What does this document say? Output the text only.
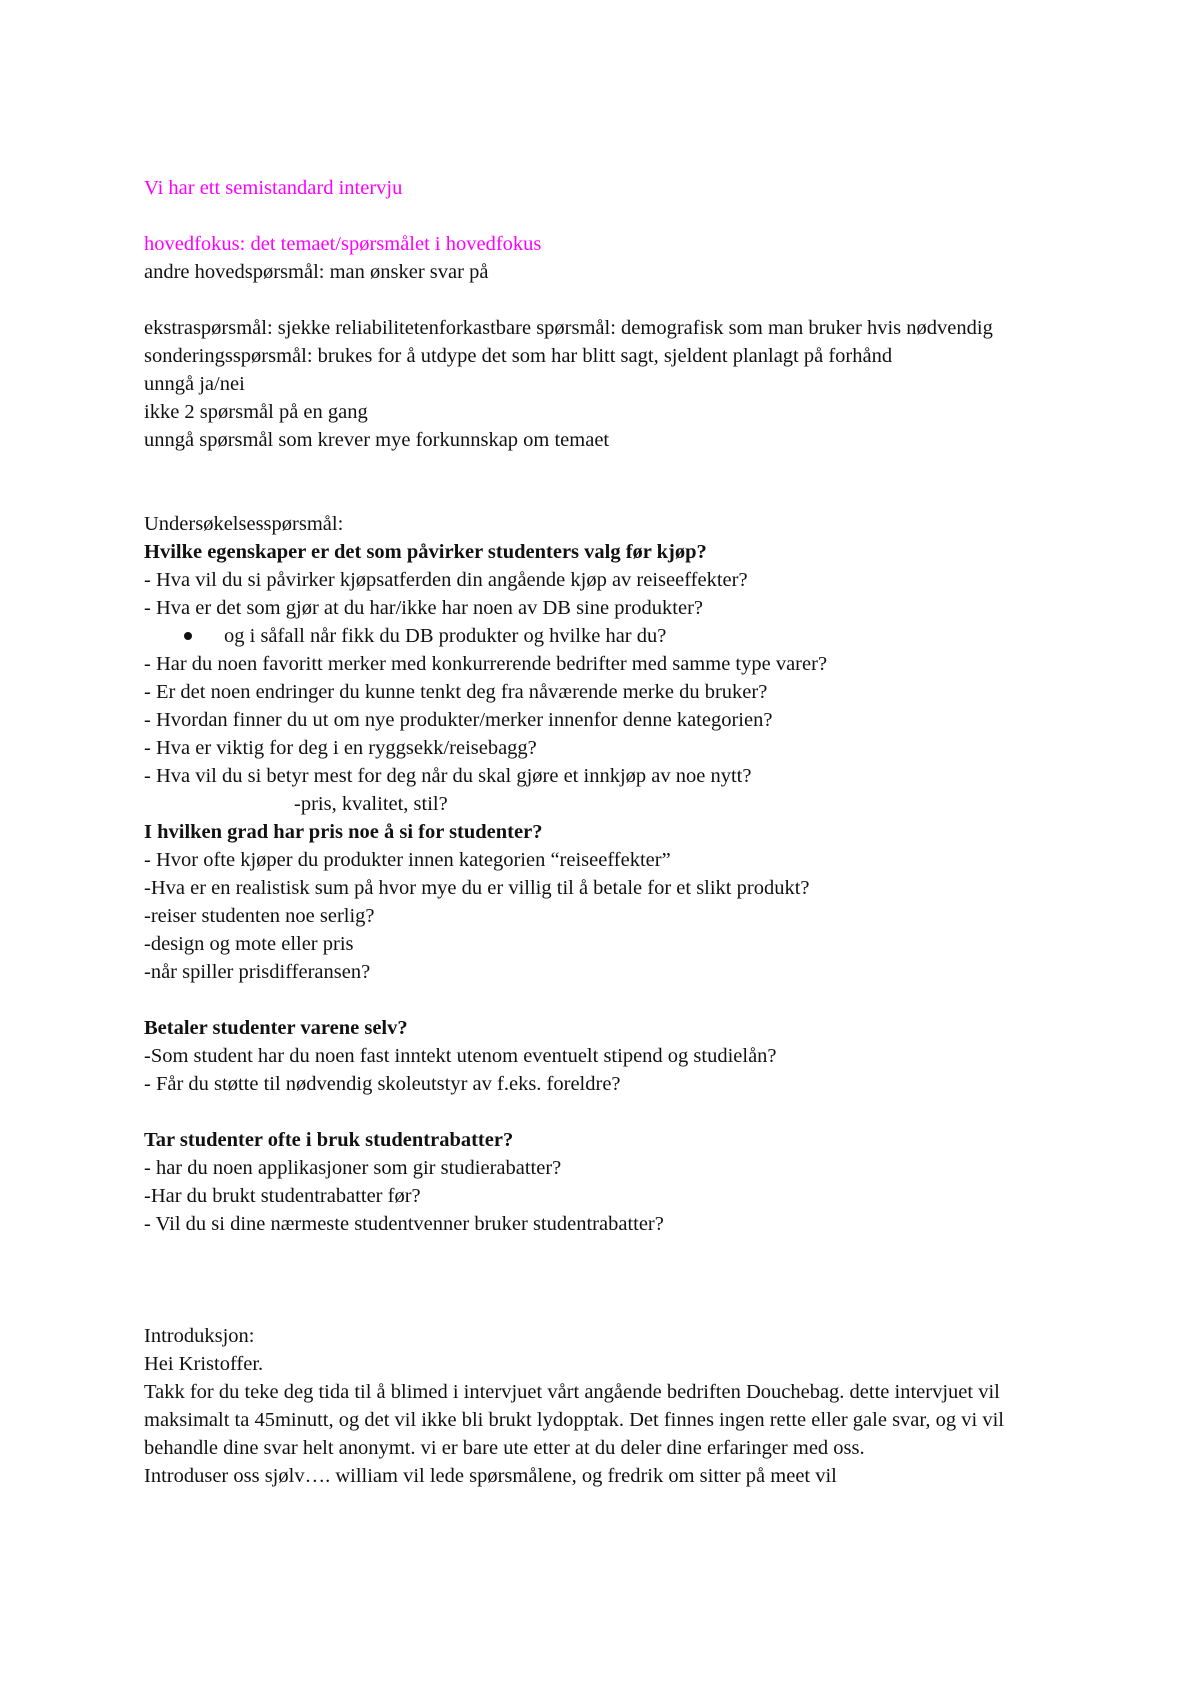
Vi har ett semistandard intervju
hovedfokus: det temaet/spørsmålet i hovedfokus
andre hovedspørsmål: man ønsker svar på
ekstraspørsmål: sjekke reliabilitetenforkastbare spørsmål: demografisk som man bruker hvis nødvendig
sonderingsspørsmål: brukes for å utdype det som har blitt sagt, sjeldent planlagt på forhånd
unngå ja/nei
ikke 2 spørsmål på en gang
unngå spørsmål som krever mye forkunnskap om temaet
Undersøkelsesspørsmål:
Hvilke egenskaper er det som påvirker studenters valg før kjøp?
- Hva vil du si påvirker kjøpsatferden din angående kjøp av reiseeffekter?
- Hva er det som gjør at du har/ikke har noen av DB sine produkter?
og i såfall når fikk du DB produkter og hvilke har du?
- Har du noen favoritt merker med konkurrerende bedrifter med samme type varer?
- Er det noen endringer du kunne tenkt deg fra nåværende merke du bruker?
- Hvordan finner du ut om nye produkter/merker innenfor denne kategorien?
- Hva er viktig for deg i en ryggsekk/reisebagg?
- Hva vil du si betyr mest for deg når du skal gjøre et innkjøp av noe nytt?
-pris, kvalitet, stil?
I hvilken grad har pris noe å si for studenter?
- Hvor ofte kjøper du produkter innen kategorien “reiseeffekter”
-Hva er en realistisk sum på hvor mye du er villig til å betale for et slikt produkt?
-reiser studenten noe serlig?
-design og mote eller pris
-når spiller prisdifferansen?
Betaler studenter varene selv?
-Som student har du noen fast inntekt utenom eventuelt stipend og studielån?
- Får du støtte til nødvendig skoleutstyr av f.eks. foreldre?
Tar studenter ofte i bruk studentrabatter?
- har du noen applikasjoner som gir studierabatter?
-Har du brukt studentrabatter før?
- Vil du si dine nærmeste studentvenner bruker studentrabatter?
Introduksjon:
Hei Kristoffer.
Takk for du teke deg tida til å blimed i intervjuet vårt angående bedriften Douchebag. dette intervjuet vil maksimalt ta 45minutt, og det vil ikke bli brukt lydopptak. Det finnes ingen rette eller gale svar, og vi vil behandle dine svar helt anonymt. vi er bare ute etter at du deler dine erfaringer med oss.
Introduser oss sjølv…. william vil lede spørsmålene, og fredrik om sitter på meet vil
